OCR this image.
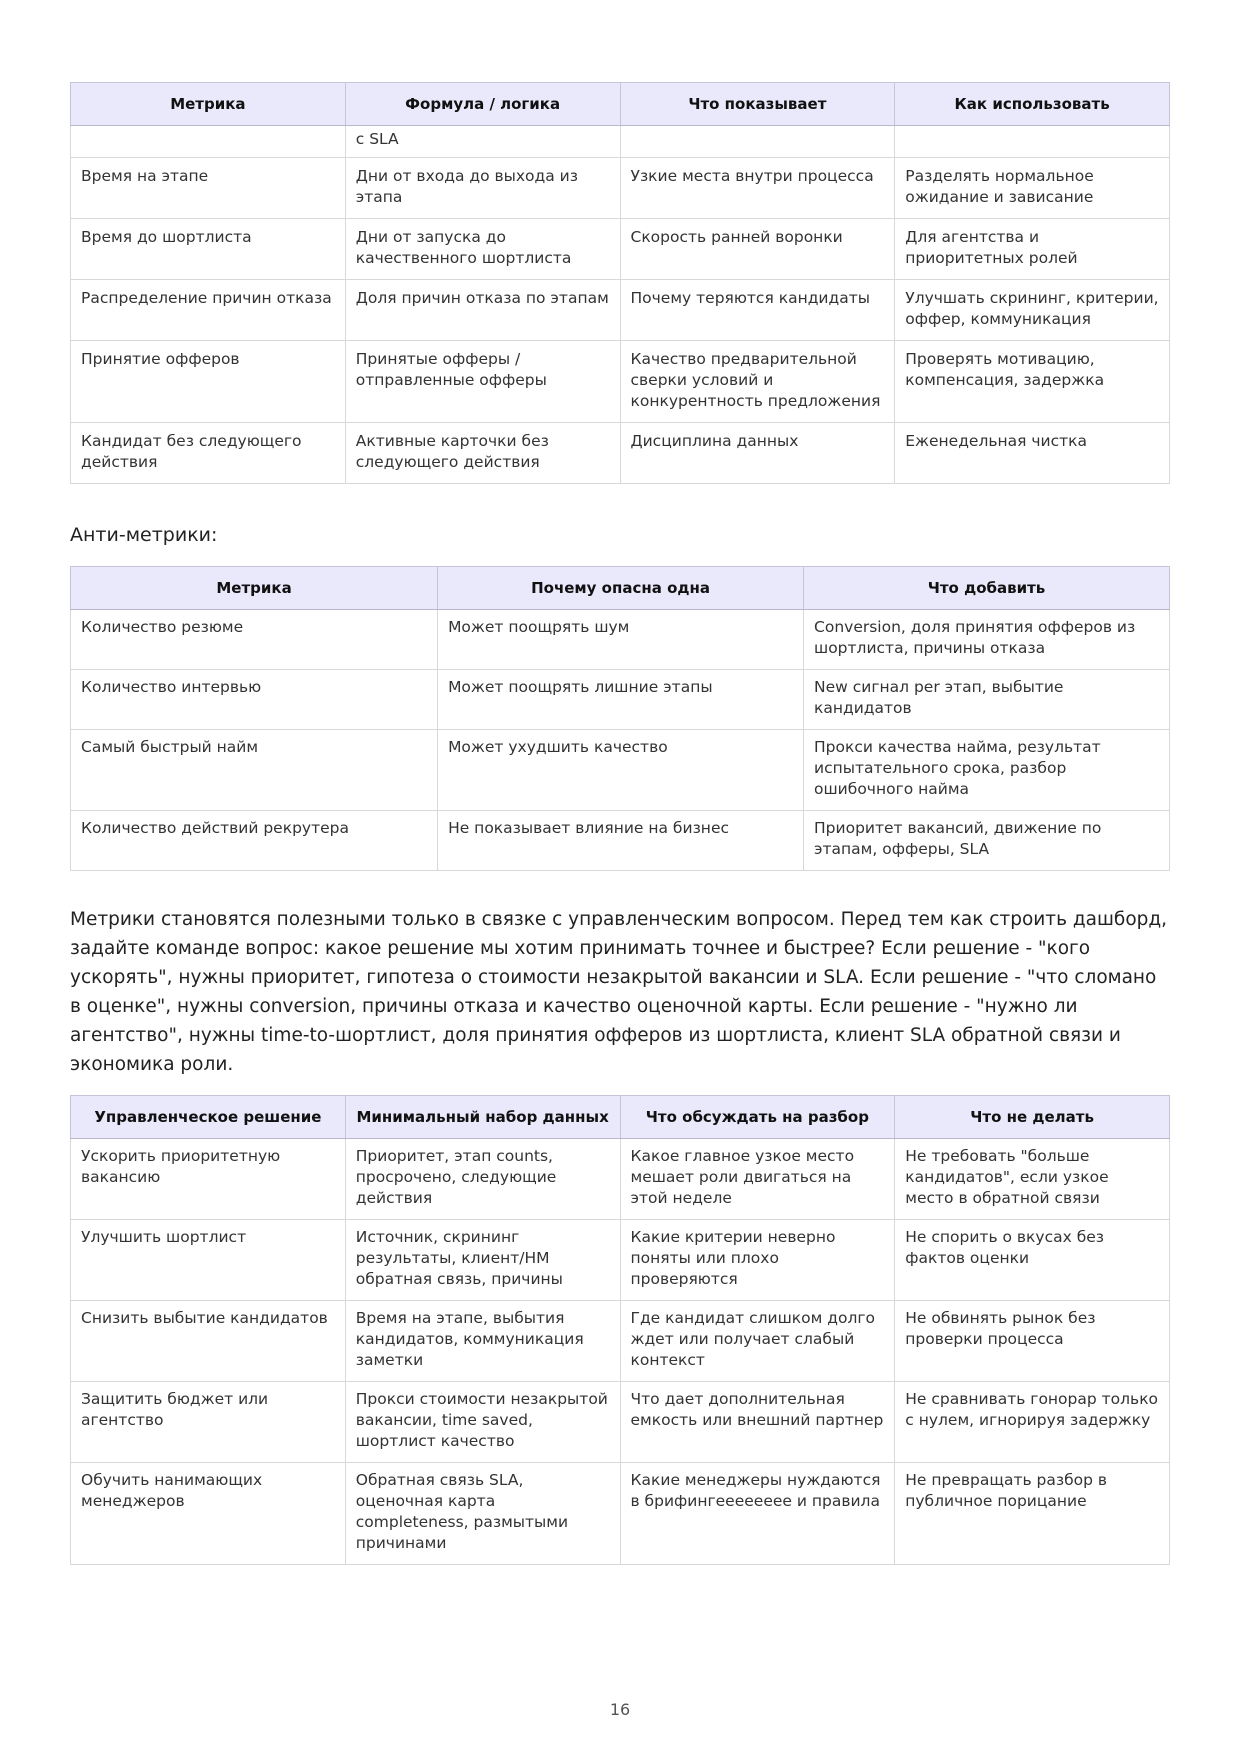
Метрика	Формула / логика	Что показывает	Как использовать
	с SLA		
Время на этапе	Дни от входа до выхода из этапа	Узкие места внутри процесса	Разделять нормальное ожидание и зависание
Время до шортлиста	Дни от запуска до качественного шортлиста	Скорость ранней воронки	Для агентства и приоритетных ролей
Распределение причин отказа	Доля причин отказа по этапам	Почему теряются кандидаты	Улучшать скрининг, критерии, оффер, коммуникация
Принятие офферов	Принятые офферы / отправленные офферы	Качество предварительной сверки условий и конкурентность предложения	Проверять мотивацию, компенсация, задержка
Кандидат без следующего действия	Активные карточки без следующего действия	Дисциплина данных	Еженедельная чистка
Анти-метрики:
Метрика	Почему опасна одна	Что добавить
Количество резюме	Может поощрять шум	Conversion, доля принятия офферов из шортлиста, причины отказа
Количество интервью	Может поощрять лишние этапы	New сигнал per этап, выбытие кандидатов
Самый быстрый найм	Может ухудшить качество	Прокси качества найма, результат испытательного срока, разбор ошибочного найма
Количество действий рекрутера	Не показывает влияние на бизнес	Приоритет вакансий, движение по этапам, офферы, SLA

Метрики становятся полезными только в связке с управленческим вопросом. Перед тем как строить дашборд, задайте команде вопрос: какое решение мы хотим принимать точнее и быстрее? Если решение - "кого ускорять", нужны приоритет, гипотеза о стоимости незакрытой вакансии и SLA. Если решение - "что сломано в оценке", нужны conversion, причины отказа и качество оценочной карты. Если решение - "нужно ли агентство", нужны time-to-шортлист, доля принятия офферов из шортлиста, клиент SLA обратной связи и экономика роли.

Управленческое решение	Минимальный набор данных	Что обсуждать на разбор	Что не делать
Ускорить приоритетную вакансию	Приоритет, этап counts, просрочено, следующие действия	Какое главное узкое место мешает роли двигаться на этой неделе	Не требовать "больше кандидатов", если узкое место в обратной связи
Улучшить шортлист	Источник, скрининг результаты, клиент/HM обратная связь, причины	Какие критерии неверно поняты или плохо проверяются	Не спорить о вкусах без фактов оценки
Снизить выбытие кандидатов	Время на этапе, выбытия кандидатов, коммуникация заметки	Где кандидат слишком долго ждет или получает слабый контекст	Не обвинять рынок без проверки процесса
Защитить бюджет или агентство	Прокси стоимости незакрытой вакансии, time saved, шортлист качество	Что дает дополнительная емкость или внешний партнер	Не сравнивать гонорар только с нулем, игнорируя задержку
Обучить нанимающих менеджеров	Обратная связь SLA, оценочная карта completeness, размытыми причинами	Какие менеджеры нуждаются в брифингееееееее и правила	Не превращать разбор в публичное порицание
16
